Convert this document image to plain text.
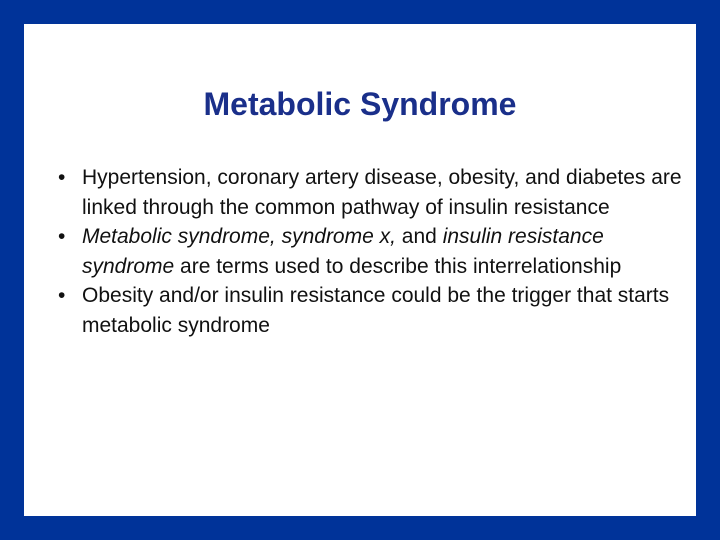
Metabolic Syndrome
• Hypertension, coronary artery disease, obesity, and diabetes are linked through the common pathway of insulin resistance
• Metabolic syndrome, syndrome x, and insulin resistance syndrome are terms used to describe this interrelationship
• Obesity and/or insulin resistance could be the trigger that starts metabolic syndrome
